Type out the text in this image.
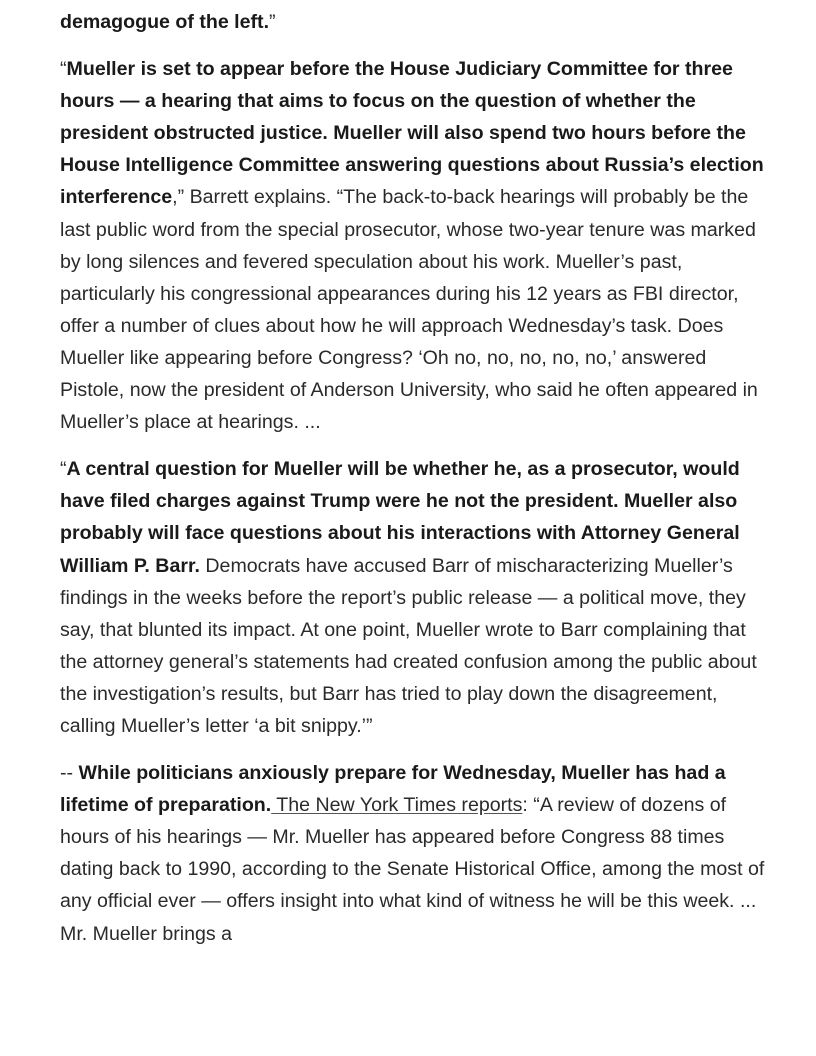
demagogue of the left.”

“Mueller is set to appear before the House Judiciary Committee for three hours — a hearing that aims to focus on the question of whether the president obstructed justice. Mueller will also spend two hours before the House Intelligence Committee answering questions about Russia’s election interference,” Barrett explains. “The back-to-back hearings will probably be the last public word from the special prosecutor, whose two-year tenure was marked by long silences and fevered speculation about his work. Mueller’s past, particularly his congressional appearances during his 12 years as FBI director, offer a number of clues about how he will approach Wednesday’s task. Does Mueller like appearing before Congress? ‘Oh no, no, no, no, no,’ answered Pistole, now the president of Anderson University, who said he often appeared in Mueller’s place at hearings. ...

“A central question for Mueller will be whether he, as a prosecutor, would have filed charges against Trump were he not the president. Mueller also probably will face questions about his interactions with Attorney General William P. Barr. Democrats have accused Barr of mischaracterizing Mueller’s findings in the weeks before the report’s public release — a political move, they say, that blunted its impact. At one point, Mueller wrote to Barr complaining that the attorney general’s statements had created confusion among the public about the investigation’s results, but Barr has tried to play down the disagreement, calling Mueller’s letter ‘a bit snippy.’”

-- While politicians anxiously prepare for Wednesday, Mueller has had a lifetime of preparation. The New York Times reports: “A review of dozens of hours of his hearings — Mr. Mueller has appeared before Congress 88 times dating back to 1990, according to the Senate Historical Office, among the most of any official ever — offers insight into what kind of witness he will be this week. ... Mr. Mueller brings a
